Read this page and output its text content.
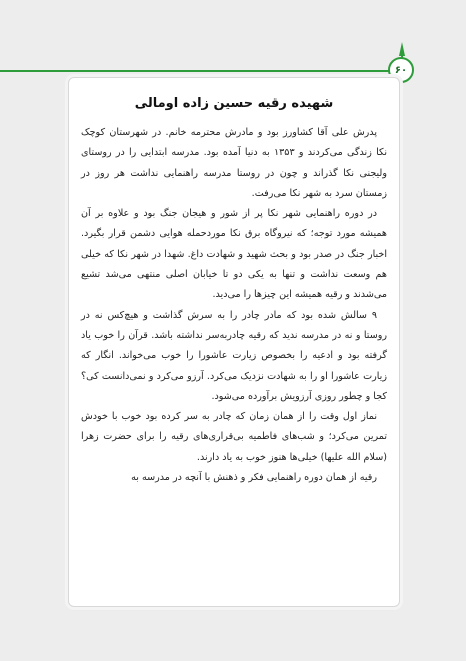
۶۰
شهیده رقیه حسین زاده اومالی

پدرش علی آقا کشاورز بود و مادرش محترمه خانم. در شهرستان کوچک نکا زندگی می‌کردند و ۱۳۵۳ به دنیا آمده بود. مدرسه ابتدایی را در روستای ولیجنی نکا گذراند و چون در روستا مدرسه راهنمایی نداشت هر روز در زمستان سرد به شهر نکا می‌رفت.

در دوره راهنمایی شهر نکا پر از شور و هیجان جنگ بود و علاوه بر آن همیشه مورد توجه؛ که نیروگاه برق نکا موردحمله هوایی دشمن قرار بگیرد. اخبار جنگ در صدر بود و بحث شهید و شهادت داغ. شهدا در شهر نکا که خیلی هم وسعت نداشت و تنها به یکی دو تا خیابان اصلی منتهی می‌شد تشیع می‌شدند و رقیه همیشه این چیزها را می‌دید.

۹ سالش شده بود که مادر چادر را به سرش گذاشت و هیچ‌کس نه در روستا و نه در مدرسه ندید که رقیه چادربه‌سر نداشته باشد. قرآن را خوب یاد گرفته بود و ادعیه را بخصوص زیارت عاشورا را خوب می‌خواند. انگار که زیارت عاشورا او را به شهادت نزدیک می‌کرد. آرزو می‌کرد و نمی‌دانست کی؟ کجا و چطور روزی آرزویش برآورده می‌شود.

نماز اول وقت را از همان زمان که چادر به سر کرده بود خوب با خودش تمرین می‌کرد؛ و شب‌های فاطمیه بی‌قراری‌های رقیه را برای حضرت زهرا (سلام الله علیها) خیلی‌ها هنوز خوب به یاد دارند.

رقیه از همان دوره راهنمایی فکر و ذهنش با آنچه در مدرسه به
